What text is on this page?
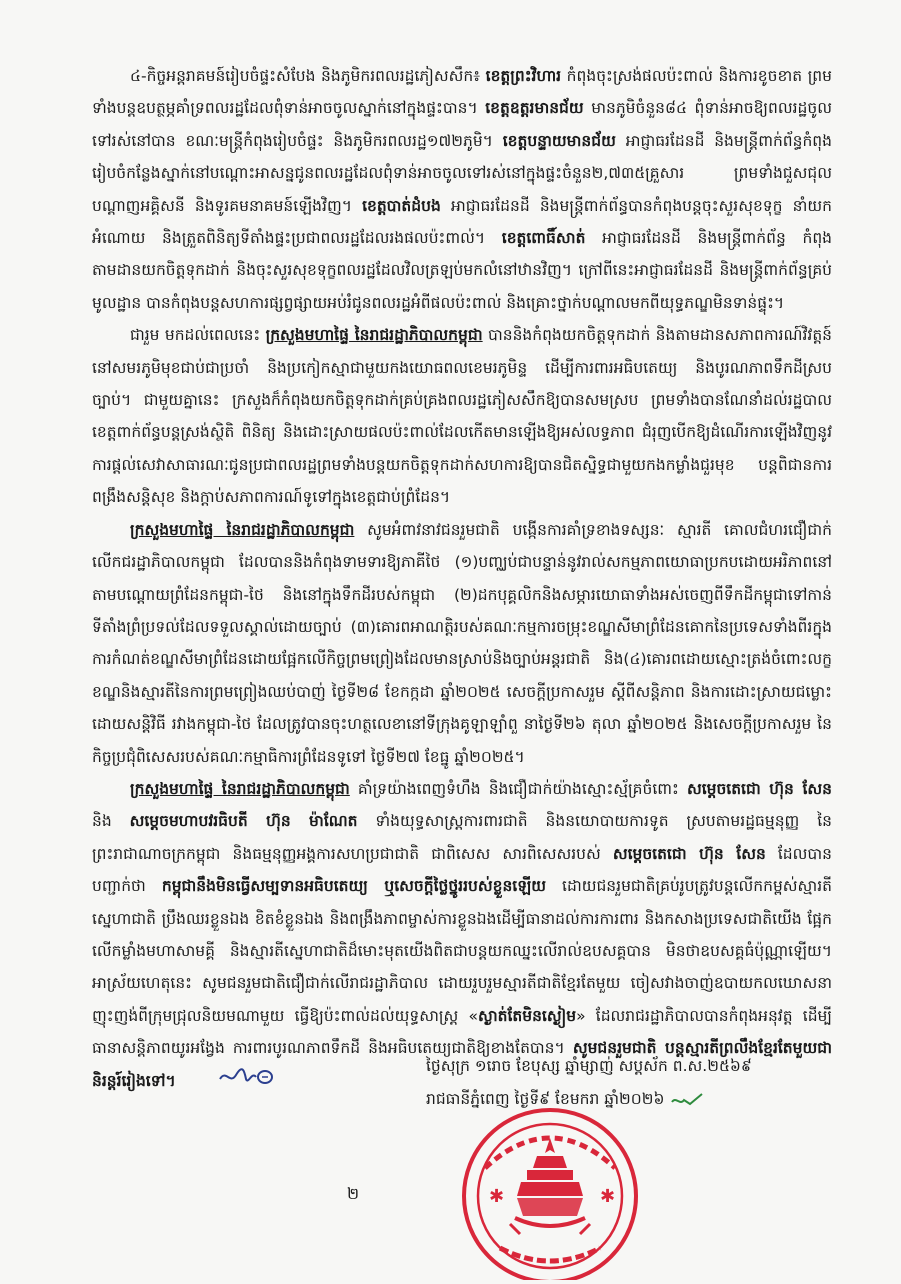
៤-កិច្ចអន្តរាគមន៍រៀបចំផ្ទះសំបែង និងភូមិករពលរដ្ឋភៀសសឹក៖ ខេត្តព្រះវិហារ កំពុងចុះស្រង់ផលប៉ះពាល់ និងការខូចខាត ព្រមទាំងបន្តឧបត្ថម្ភគាំទ្រពលរដ្ឋដែលពុំទាន់អាចចូលស្នាក់នៅក្នុងផ្ទះបាន។ ខេត្តឧត្តរមានជ័យ មានភូមិចំនួន៨៤ ពុំទាន់អាចឱ្យពលរដ្ឋចូលទៅរស់នៅបាន ខណៈមន្ត្រីកំពុងរៀបចំផ្ទះ និងភូមិករពលរដ្ឋ១៧២ភូមិ។ ខេត្តបន្ទាយមានជ័យ អាជ្ញាធរដែនដី និងមន្ត្រីពាក់ព័ន្ធកំពុងរៀបចំកន្លែងស្នាក់នៅបណ្ដោះអាសន្នជូនពលរដ្ឋដែលពុំទាន់អាចចូលទៅរស់នៅក្នុងផ្ទះចំនួន២,៧៣៥គ្រួសារ ព្រមទាំងជួសជុលបណ្ដាញអគ្គិសនី និងទូរគមនាគមន៍ឡើងវិញ។ ខេត្តបាត់ដំបង អាជ្ញាធរដែនដី និងមន្ត្រីពាក់ព័ន្ធបានកំពុងបន្តចុះសួរសុខទុក្ខ នាំយកអំណោយ និងត្រួតពិនិត្យទីតាំងផ្ទះប្រជាពលរដ្ឋដែលរងផលប៉ះពាល់។ ខេត្តពោធិ៍សាត់ អាជ្ញាធរដែនដី និងមន្ត្រីពាក់ព័ន្ធ កំពុងតាមដានយកចិត្តទុកដាក់ និងចុះសួរសុខទុក្ខពលរដ្ឋដែលវិលត្រឡប់មកលំនៅឋានវិញ។ ក្រៅពីនេះអាជ្ញាធរដែនដី និងមន្ត្រីពាក់ព័ន្ធគ្រប់មូលដ្ឋាន បានកំពុងបន្តសហការផ្សព្វផ្សាយអប់រំជូនពលរដ្ឋអំពីផលប៉ះពាល់ និងគ្រោះថ្នាក់បណ្តាលមកពីយុទ្ធភណ្ឌមិនទាន់ផ្ទុះ។

ជារួម មកដល់ពេលនេះ ក្រសួងមហាផ្ទៃ នៃរាជរដ្ឋាភិបាលកម្ពុជា បាននិងកំពុងយកចិត្តទុកដាក់ និងតាមដានសភាពការណ៍វិវត្តន៍នៅសមរភូមិមុខជាប់ជាប្រចាំ និងប្រកៀកស្មាជាមួយកងយោធពលខេមរភូមិន្ទ ដើម្បីការពារអធិបតេយ្យ និងបូរណភាពទឹកដីស្របច្បាប់។ ជាមួយគ្នានេះ ក្រសួងក៏កំពុងយកចិត្តទុកដាក់គ្រប់គ្រងពលរដ្ឋភៀសសឹកឱ្យបានសមស្រប ព្រមទាំងបានណែនាំដល់រដ្ឋបាលខេត្តពាក់ព័ន្ធបន្តស្រង់ស្ថិតិ ពិនិត្យ និងដោះស្រាយផលប៉ះពាល់ដែលកើតមានឡើងឱ្យអស់លទ្ធភាព ជំរុញបើកឱ្យដំណើរការឡើងវិញនូវការផ្ដល់សេវាសាធារណៈជូនប្រជាពលរដ្ឋព្រមទាំងបន្តយកចិត្តទុកដាក់សហការឱ្យបានជិតស្និទ្ធជាមួយកងកម្លាំងជួរមុខ បន្តពិជានការពង្រឹងសន្តិសុខ និងក្ដាប់សភាពការណ៍ទូទៅក្នុងខេត្តជាប់ព្រំដែន។

ក្រសួងមហាផ្ទៃ នៃរាជរដ្ឋាភិបាលកម្ពុជា សូមអំពាវនាវជនរួមជាតិ បង្កើនការគាំទ្រខាងទស្សនៈ ស្មារតី គោលជំហរជឿជាក់លើកជរដ្ឋាភិបាលកម្ពុជា ដែលបាននិងកំពុងទាមទារឱ្យភាគីថៃ (១)បញ្ឈប់ជាបន្ទាន់នូវរាល់សកម្មភាពយោធាប្រកបដោយអរិភាពនៅតាមបណ្ដោយព្រំដែនកម្ពុជា-ថៃ និងនៅក្នុងទឹកដីរបស់កម្ពុជា (២)ដកបុគ្គលិកនិងសម្ភារយោធាទាំងអស់ចេញពីទឹកដីកម្ពុជាទៅកាន់ទីតាំងព្រំប្រទល់ដែលទទួលស្គាល់ដោយច្បាប់ (៣)គោរពអាណត្តិរបស់គណៈកម្មការចម្រុះខណ្ឌសីមាព្រំដែនគោកនៃប្រទេសទាំងពីរក្នុងការកំណត់ខណ្ឌសីមាព្រំដែនដោយផ្អែកលើកិច្ចព្រមព្រៀងដែលមានស្រាប់និងច្បាប់អន្តរជាតិ និង(៤)គោរពដោយស្មោះត្រង់ចំពោះលក្ខខណ្ឌនិងស្មារតីនៃការព្រមព្រៀងឈប់បាញ់ ថ្ងៃទី២៨ ខែកក្កដា ឆ្នាំ២០២៥ សេចក្តីប្រកាសរួម ស្តីពីសន្តិភាព និងការដោះស្រាយជម្លោះដោយសន្តិវិធី រវាងកម្ពុជា-ថៃ ដែលត្រូវបានចុះហត្ថលេខានៅទីក្រុងគូឡាឡាំពួ នាថ្ងៃទី២៦ តុលា ឆ្នាំ២០២៥ និងសេចក្តីប្រកាសរួម នៃកិច្ចប្រជុំពិសេសរបស់គណៈកម្មាធិការព្រំដែនទូទៅ ថ្ងៃទី២៧ ខែធ្នូ ឆ្នាំ២០២៥។

ក្រសួងមហាផ្ទៃ នៃរាជរដ្ឋាភិបាលកម្ពុជា គាំទ្រយ៉ាងពេញទំហឹង និងជឿជាក់យ៉ាងស្មោះស្ម័គ្រចំពោះ សម្តេចតេជោ ហ៊ុន សែន និង សម្តេចមហាបវរធិបតី ហ៊ុន ម៉ាណែត ទាំងយុទ្ធសាស្ត្រការពារជាតិ និងនយោបាយការទូត ស្របតាមរដ្ឋធម្មនុញ្ញ នៃព្រះរាជាណាចក្រកម្ពុជា និងធម្មនុញ្ញអង្គការសហប្រជាជាតិ ជាពិសេស សារពិសេសរបស់ សម្តេចតេជោ ហ៊ុន សែន ដែលបានបញ្ជាក់ថា កម្ពុជានឹងមិនធ្វើសម្បទានអធិបតេយ្យ ឬសេចក្តីថ្លៃថ្នូររបស់ខ្លួនឡើយ ដោយជនរួមជាតិគ្រប់រូបត្រូវបន្តលើកកម្ពស់ស្មារតីស្នេហាជាតិ ប្រឹងឈរខ្លួនឯង ខិតខំខ្លួនឯង និងពង្រឹងភាពម្ចាស់ការខ្លួនឯងដើម្បីធានាដល់ការការពារ និងកសាងប្រទេសជាតិយើង ផ្អែកលើកម្លាំងមហាសាមគ្គី និងស្មារតីស្នេហាជាតិដ៏មោះមុតយើងពិតជាបន្តយកឈ្នះលើរាល់ឧបសគ្គបាន មិនថាឧបសគ្គធំប៉ុណ្ណាឡើយ។ អាស្រ័យហេតុនេះ សូមជនរួមជាតិជឿជាក់លើរាជរដ្ឋាភិបាល ដោយរួបរួមស្មារតីជាតិខ្មែរតែមួយ ចៀសវាងចាញ់ឧបាយកលឃោសនា ញុះញង់ពីក្រុមជ្រុលនិយមណាមួយ ធ្វើឱ្យប៉ះពាល់ដល់យុទ្ធសាស្ត្រ «ស្ងាត់តែមិនស្ងៀម» ដែលរាជរដ្ឋាភិបាលបានកំពុងអនុវត្ត ដើម្បីធានាសន្តិភាពយូរអង្វែង ការពារបូរណភាពទឹកដី និងអធិបតេយ្យជាតិឱ្យខាងតែបាន។ សូមជនរួមជាតិ បន្តស្មារតីព្រលឹងខ្មែរតែមួយជានិរន្តរ៍រៀងទៅ។

ថ្ងៃសុក្រ ១រោច ខែបុស្ស ឆ្នាំម្សាញ់ សប្តស័ក ព.ស.២៥៦៩
រាជធានីភ្នំពេញ ថ្ងៃទី៩ ខែមករា ឆ្នាំ២០២៦
២	✱	✱
